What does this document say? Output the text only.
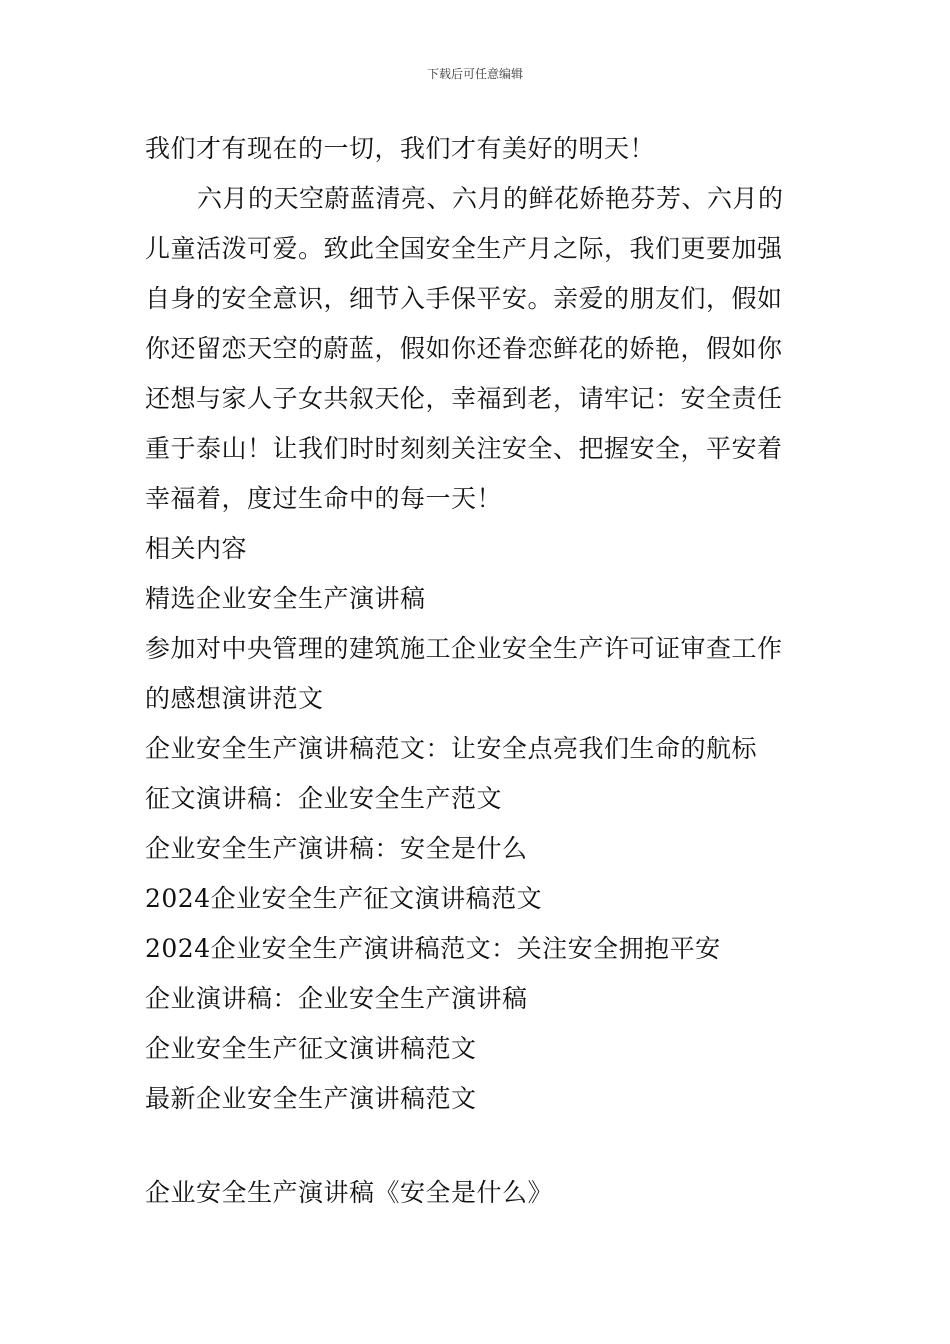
下载后可任意编辑
我们才有现在的一切，我们才有美好的明天！
六月的天空蔚蓝清亮、六月的鲜花娇艳芬芳、六月的
儿童活泼可爱。致此全国安全生产月之际，我们更要加强
自身的安全意识，细节入手保平安。亲爱的朋友们，假如
你还留恋天空的蔚蓝，假如你还眷恋鲜花的娇艳，假如你
还想与家人子女共叙天伦，幸福到老，请牢记：安全责任
重于泰山！让我们时时刻刻关注安全、把握安全，平安着
幸福着，度过生命中的每一天！
相关内容
精选企业安全生产演讲稿
参加对中央管理的建筑施工企业安全生产许可证审查工作
的感想演讲范文
企业安全生产演讲稿范文：让安全点亮我们生命的航标
征文演讲稿：企业安全生产范文
企业安全生产演讲稿：安全是什么
2024企业安全生产征文演讲稿范文
2024企业安全生产演讲稿范文：关注安全拥抱平安
企业演讲稿：企业安全生产演讲稿
企业安全生产征文演讲稿范文
最新企业安全生产演讲稿范文
企业安全生产演讲稿《安全是什么》
